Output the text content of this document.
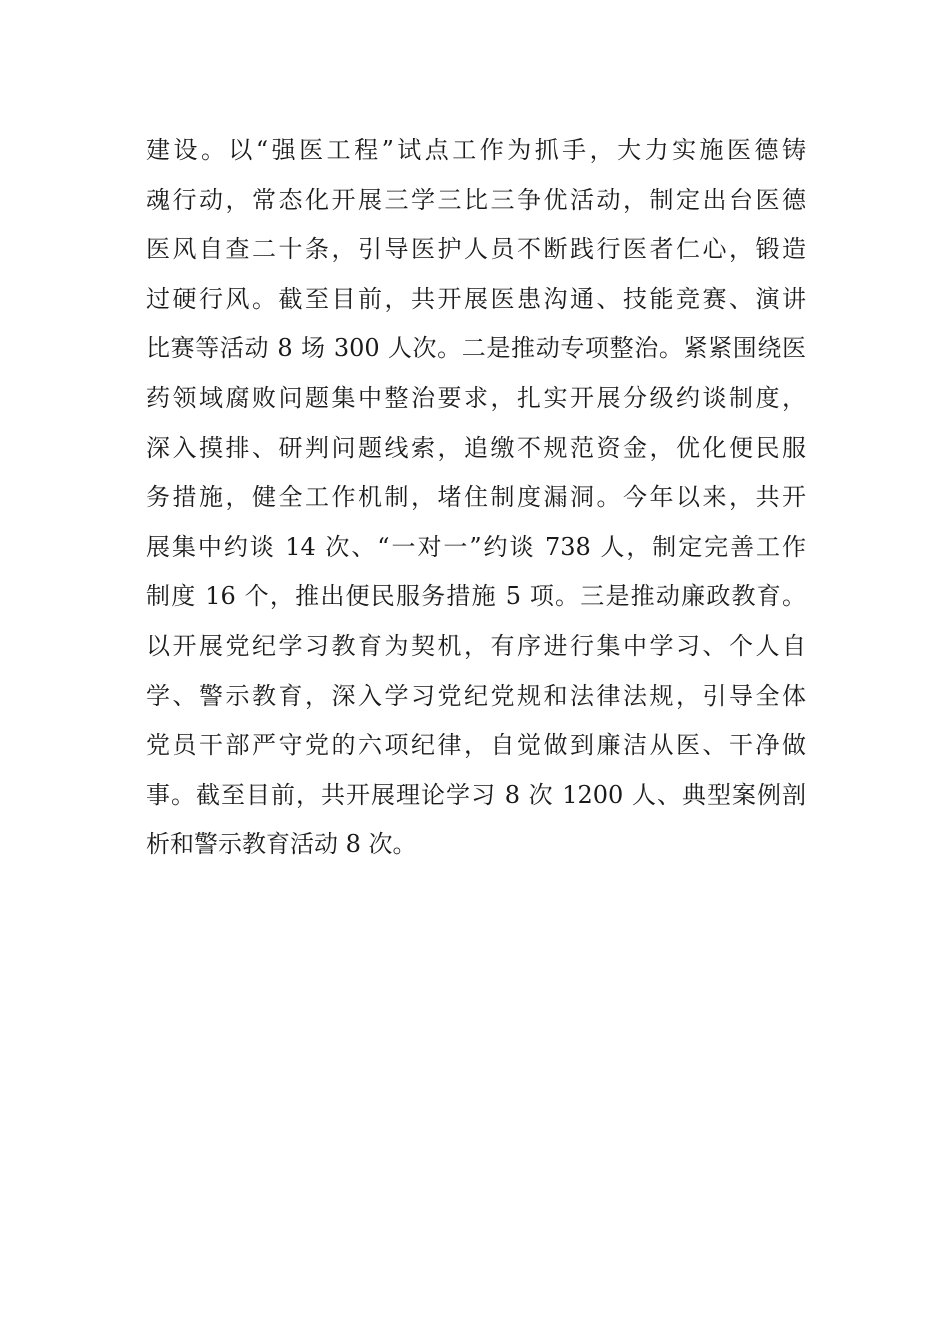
建设。以“强医工程”试点工作为抓手，大力实施医德铸
魂行动，常态化开展三学三比三争优活动，制定出台医德
医风自查二十条，引导医护人员不断践行医者仁心，锻造
过硬行风。截至目前，共开展医患沟通、技能竞赛、演讲
比赛等活动 8 场 300 人次。二是推动专项整治。紧紧围绕医
药领域腐败问题集中整治要求，扎实开展分级约谈制度，
深入摸排、研判问题线索，追缴不规范资金，优化便民服
务措施，健全工作机制，堵住制度漏洞。今年以来，共开
展集中约谈 14 次、“一对一”约谈 738 人，制定完善工作
制度 16 个，推出便民服务措施 5 项。三是推动廉政教育。
以开展党纪学习教育为契机，有序进行集中学习、个人自
学、警示教育，深入学习党纪党规和法律法规，引导全体
党员干部严守党的六项纪律，自觉做到廉洁从医、干净做
事。截至目前，共开展理论学习 8 次 1200 人、典型案例剖
析和警示教育活动 8 次。
